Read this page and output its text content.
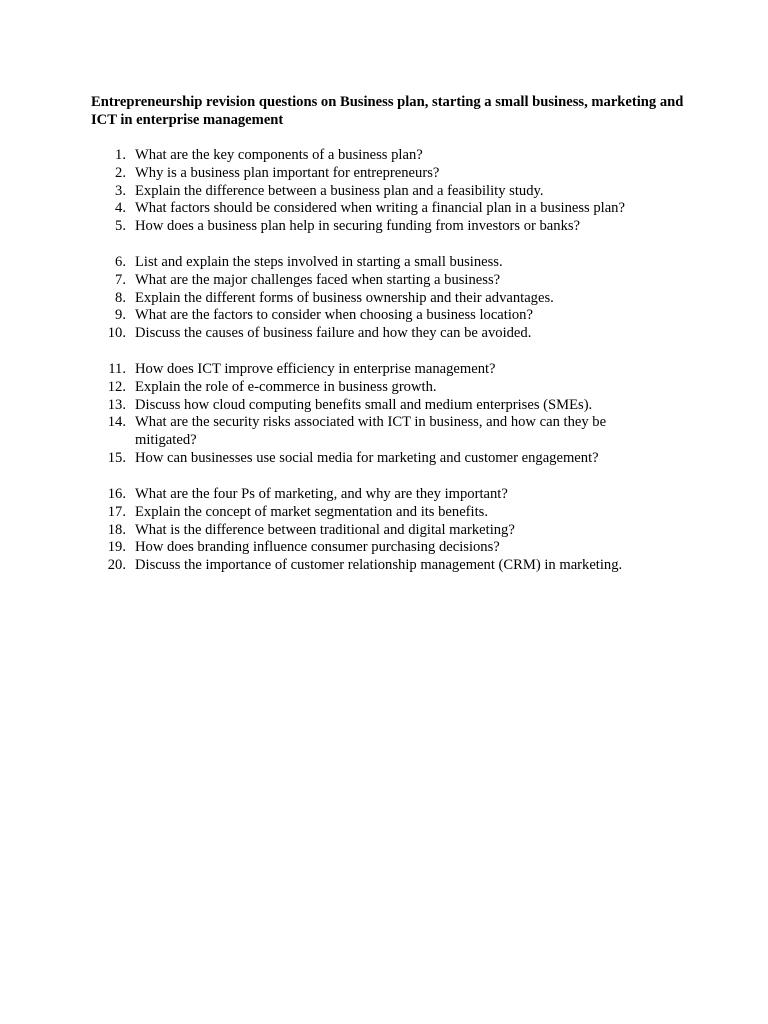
Entrepreneurship revision questions on Business plan, starting a small business, marketing and ICT in enterprise management
1. What are the key components of a business plan?
2. Why is a business plan important for entrepreneurs?
3. Explain the difference between a business plan and a feasibility study.
4. What factors should be considered when writing a financial plan in a business plan?
5. How does a business plan help in securing funding from investors or banks?
6. List and explain the steps involved in starting a small business.
7. What are the major challenges faced when starting a business?
8. Explain the different forms of business ownership and their advantages.
9. What are the factors to consider when choosing a business location?
10. Discuss the causes of business failure and how they can be avoided.
11. How does ICT improve efficiency in enterprise management?
12. Explain the role of e-commerce in business growth.
13. Discuss how cloud computing benefits small and medium enterprises (SMEs).
14. What are the security risks associated with ICT in business, and how can they be mitigated?
15. How can businesses use social media for marketing and customer engagement?
16. What are the four Ps of marketing, and why are they important?
17. Explain the concept of market segmentation and its benefits.
18. What is the difference between traditional and digital marketing?
19. How does branding influence consumer purchasing decisions?
20. Discuss the importance of customer relationship management (CRM) in marketing.
